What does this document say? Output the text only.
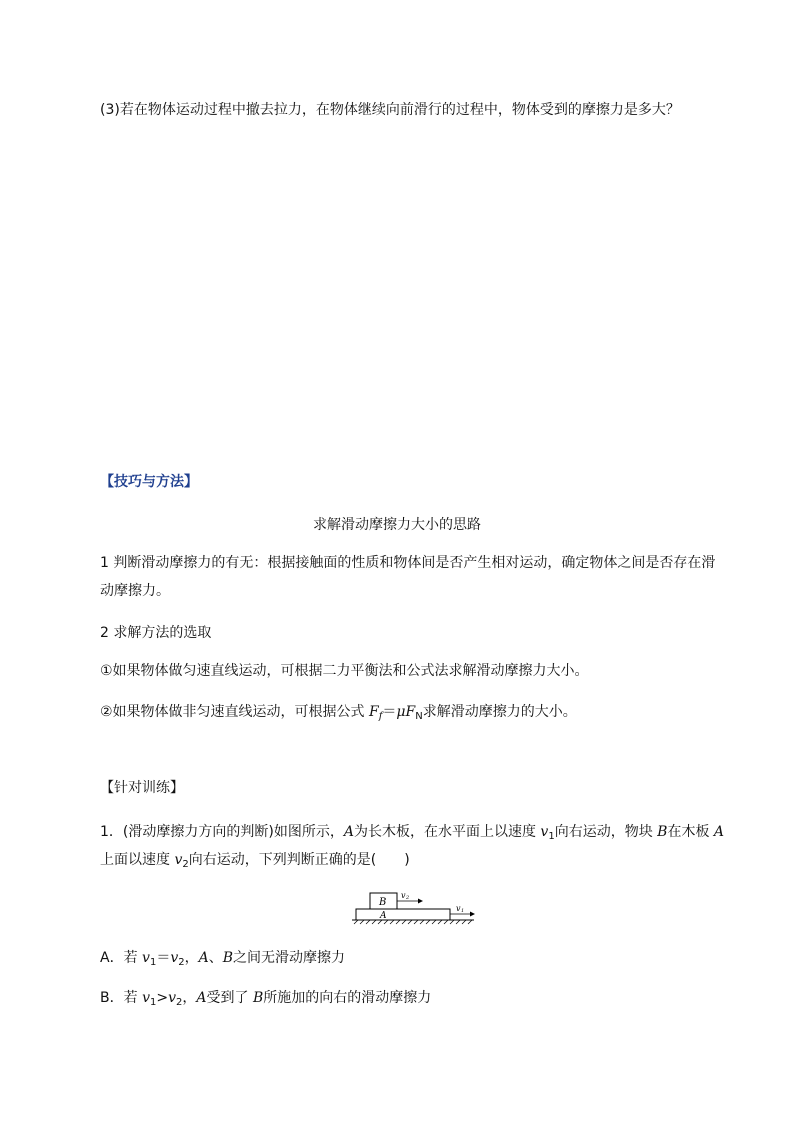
(3)若在物体运动过程中撤去拉力，在物体继续向前滑行的过程中，物体受到的摩擦力是多大？
【技巧与方法】
求解滑动摩擦力大小的思路
1 判断滑动摩擦力的有无：根据接触面的性质和物体间是否产生相对运动，确定物体之间是否存在滑
动摩擦力。
2 求解方法的选取
①如果物体做匀速直线运动，可根据二力平衡法和公式法求解滑动摩擦力大小。
②如果物体做非匀速直线运动，可根据公式 $F_f=\mu F_N$求解滑动摩擦力的大小。
【针对训练】
1．(滑动摩擦力方向的判断)如图所示，A为长木板，在水平面上以速度 $v_1$向右运动，物块 B在木板 A
上面以速度 $v_2$向右运动，下列判断正确的是(　　)
B
A
v 2
v 1
A．若 $v_1=v_2$，A、B之间无滑动摩擦力
B．若 $v_1>v_2$，A受到了 B所施加的向右的滑动摩擦力
